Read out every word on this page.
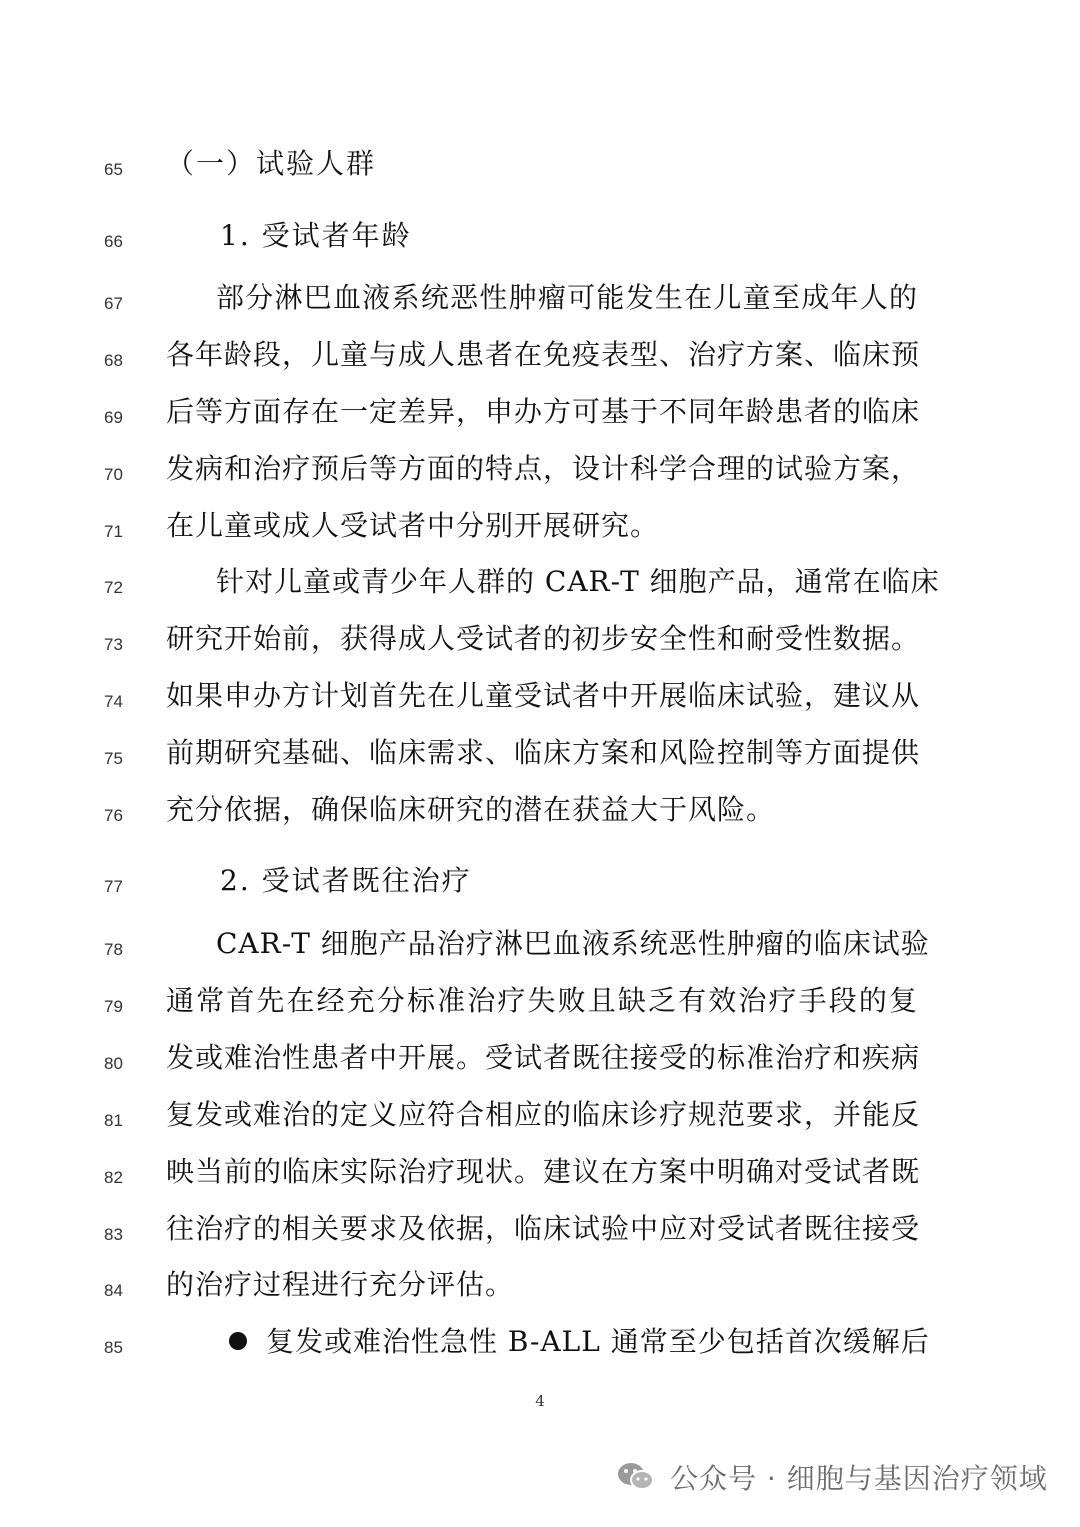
65	（一）试验人群
66	1. 受试者年龄
67	部分淋巴血液系统恶性肿瘤可能发生在儿童至成年人的
68	各年龄段，儿童与成人患者在免疫表型、治疗方案、临床预
69	后等方面存在一定差异，申办方可基于不同年龄患者的临床
70	发病和治疗预后等方面的特点，设计科学合理的试验方案，
71	在儿童或成人受试者中分别开展研究。
72	针对儿童或青少年人群的 CAR-T 细胞产品，通常在临床
73	研究开始前，获得成人受试者的初步安全性和耐受性数据。
74	如果申办方计划首先在儿童受试者中开展临床试验，建议从
75	前期研究基础、临床需求、临床方案和风险控制等方面提供
76	充分依据，确保临床研究的潜在获益大于风险。
77	2. 受试者既往治疗
78	CAR-T 细胞产品治疗淋巴血液系统恶性肿瘤的临床试验
79	通常首先在经充分标准治疗失败且缺乏有效治疗手段的复
80	发或难治性患者中开展。受试者既往接受的标准治疗和疾病
81	复发或难治的定义应符合相应的临床诊疗规范要求，并能反
82	映当前的临床实际治疗现状。建议在方案中明确对受试者既
83	往治疗的相关要求及依据，临床试验中应对受试者既往接受
84	的治疗过程进行充分评估。
85	复发或难治性急性 B-ALL 通常至少包括首次缓解后
4
公众号 · 细胞与基因治疗领域
